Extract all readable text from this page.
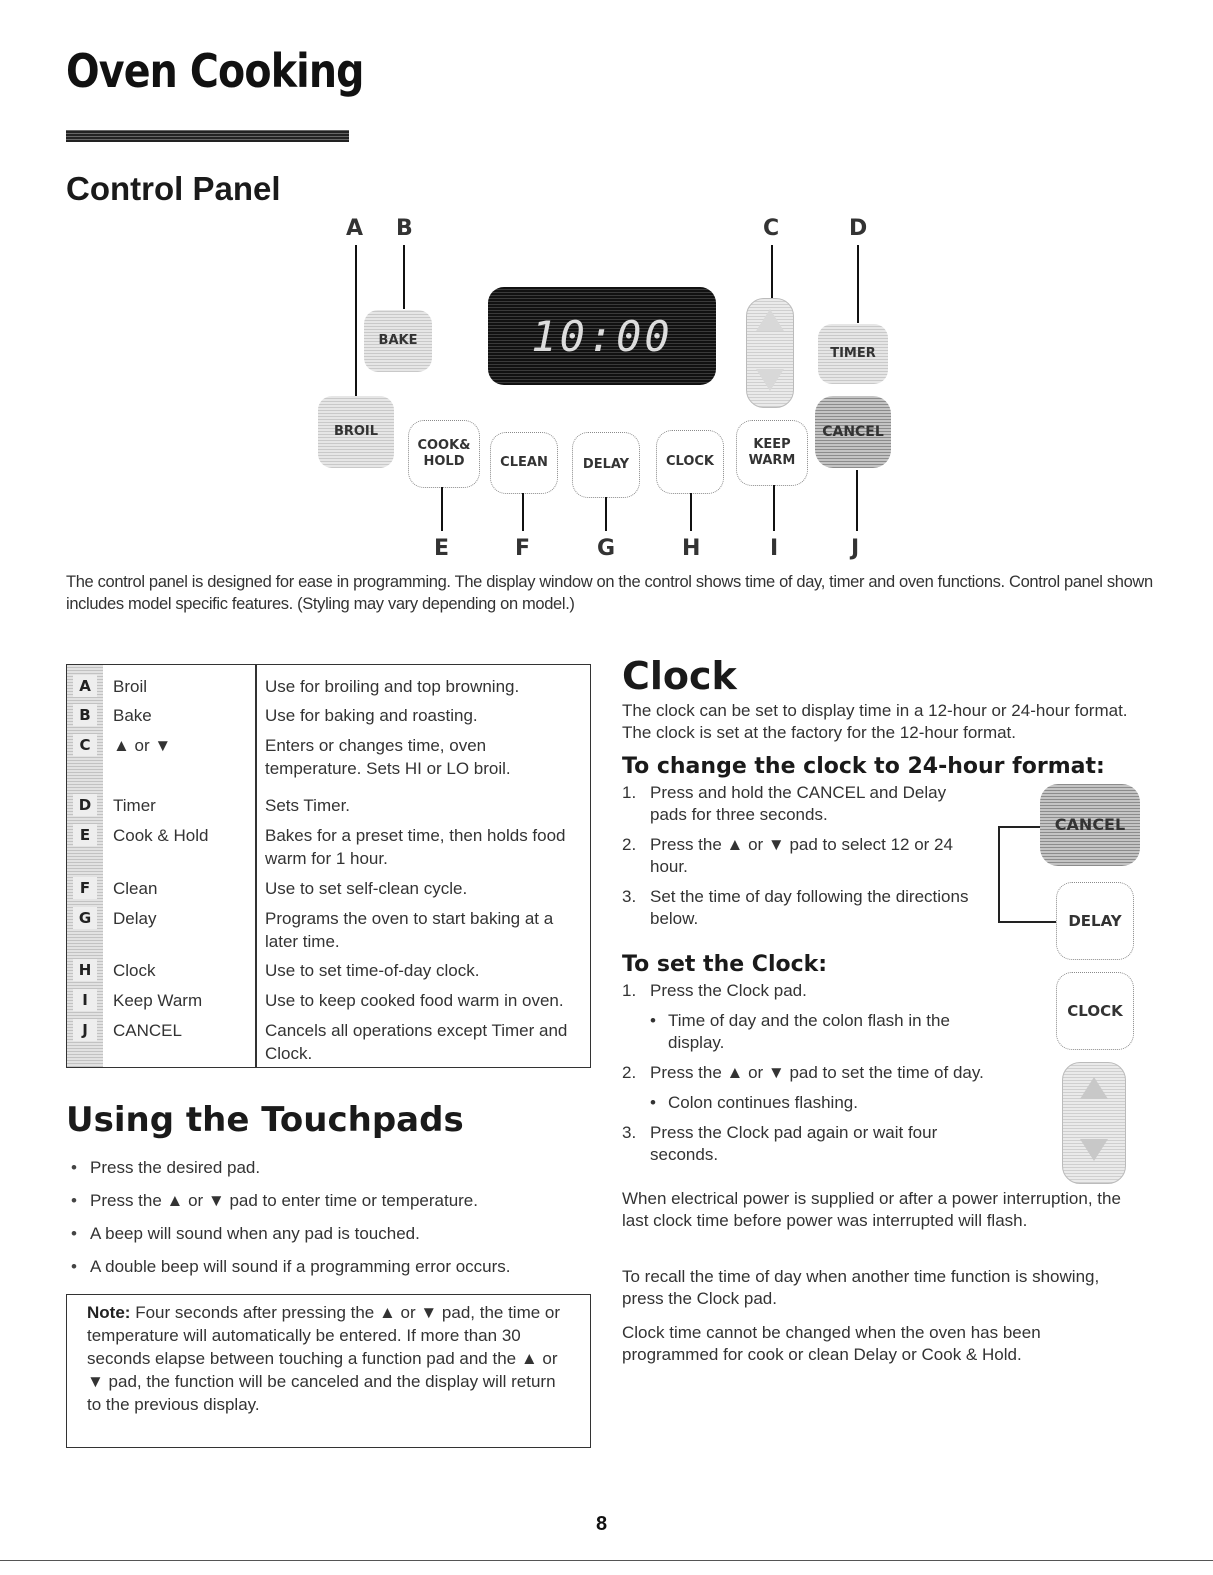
Oven Cooking
Control Panel
A B	C	D
BAKE	10:00	TIMER
BROIL
COOK&
HOLD	CLEAN	DELAY	CLOCK
KEEP
WARM
CANCEL
E	F	G	H	I	J
The control panel is designed for ease in programming. The display window on the control shows time of day, timer and oven functions. Control panel shown includes model specific features. (Styling may vary depending on model.)
A	Broil	Use for broiling and top browning.
B	Bake	Use for baking and roasting.
C	▲ or ▼	Enters or changes time, oven temperature. Sets HI or LO broil.
D	Timer	Sets Timer.
E	Cook & Hold	Bakes for a preset time, then holds food warm for 1 hour.
F	Clean	Use to set self-clean cycle.
G	Delay	Programs the oven to start baking at a later time.
H	Clock	Use to set time-of-day clock.
I	Keep Warm	Use to keep cooked food warm in oven.
J	CANCEL	Cancels all operations except Timer and Clock.
Using the Touchpads
• Press the desired pad.
• Press the ▲ or ▼ pad to enter time or temperature.
• A beep will sound when any pad is touched.
• A double beep will sound if a programming error occurs.
Note: Four seconds after pressing the ▲ or ▼ pad, the time or temperature will automatically be entered. If more than 30 seconds elapse between touching a function pad and the ▲ or ▼ pad, the function will be canceled and the display will return to the previous display.
Clock
The clock can be set to display time in a 12-hour or 24-hour format. The clock is set at the factory for the 12-hour format.
To change the clock to 24-hour format:
1. Press and hold the CANCEL and Delay pads for three seconds.
2. Press the ▲ or ▼ pad to select 12 or 24 hour.
3. Set the time of day following the directions below.
CANCEL
DELAY
CLOCK
To set the Clock:
1. Press the Clock pad.
• Time of day and the colon flash in the display.
2. Press the ▲ or ▼ pad to set the time of day.
• Colon continues flashing.
3. Press the Clock pad again or wait four seconds.
When electrical power is supplied or after a power interruption, the last clock time before power was interrupted will flash.
To recall the time of day when another time function is showing, press the Clock pad.
Clock time cannot be changed when the oven has been programmed for cook or clean Delay or Cook & Hold.
8
